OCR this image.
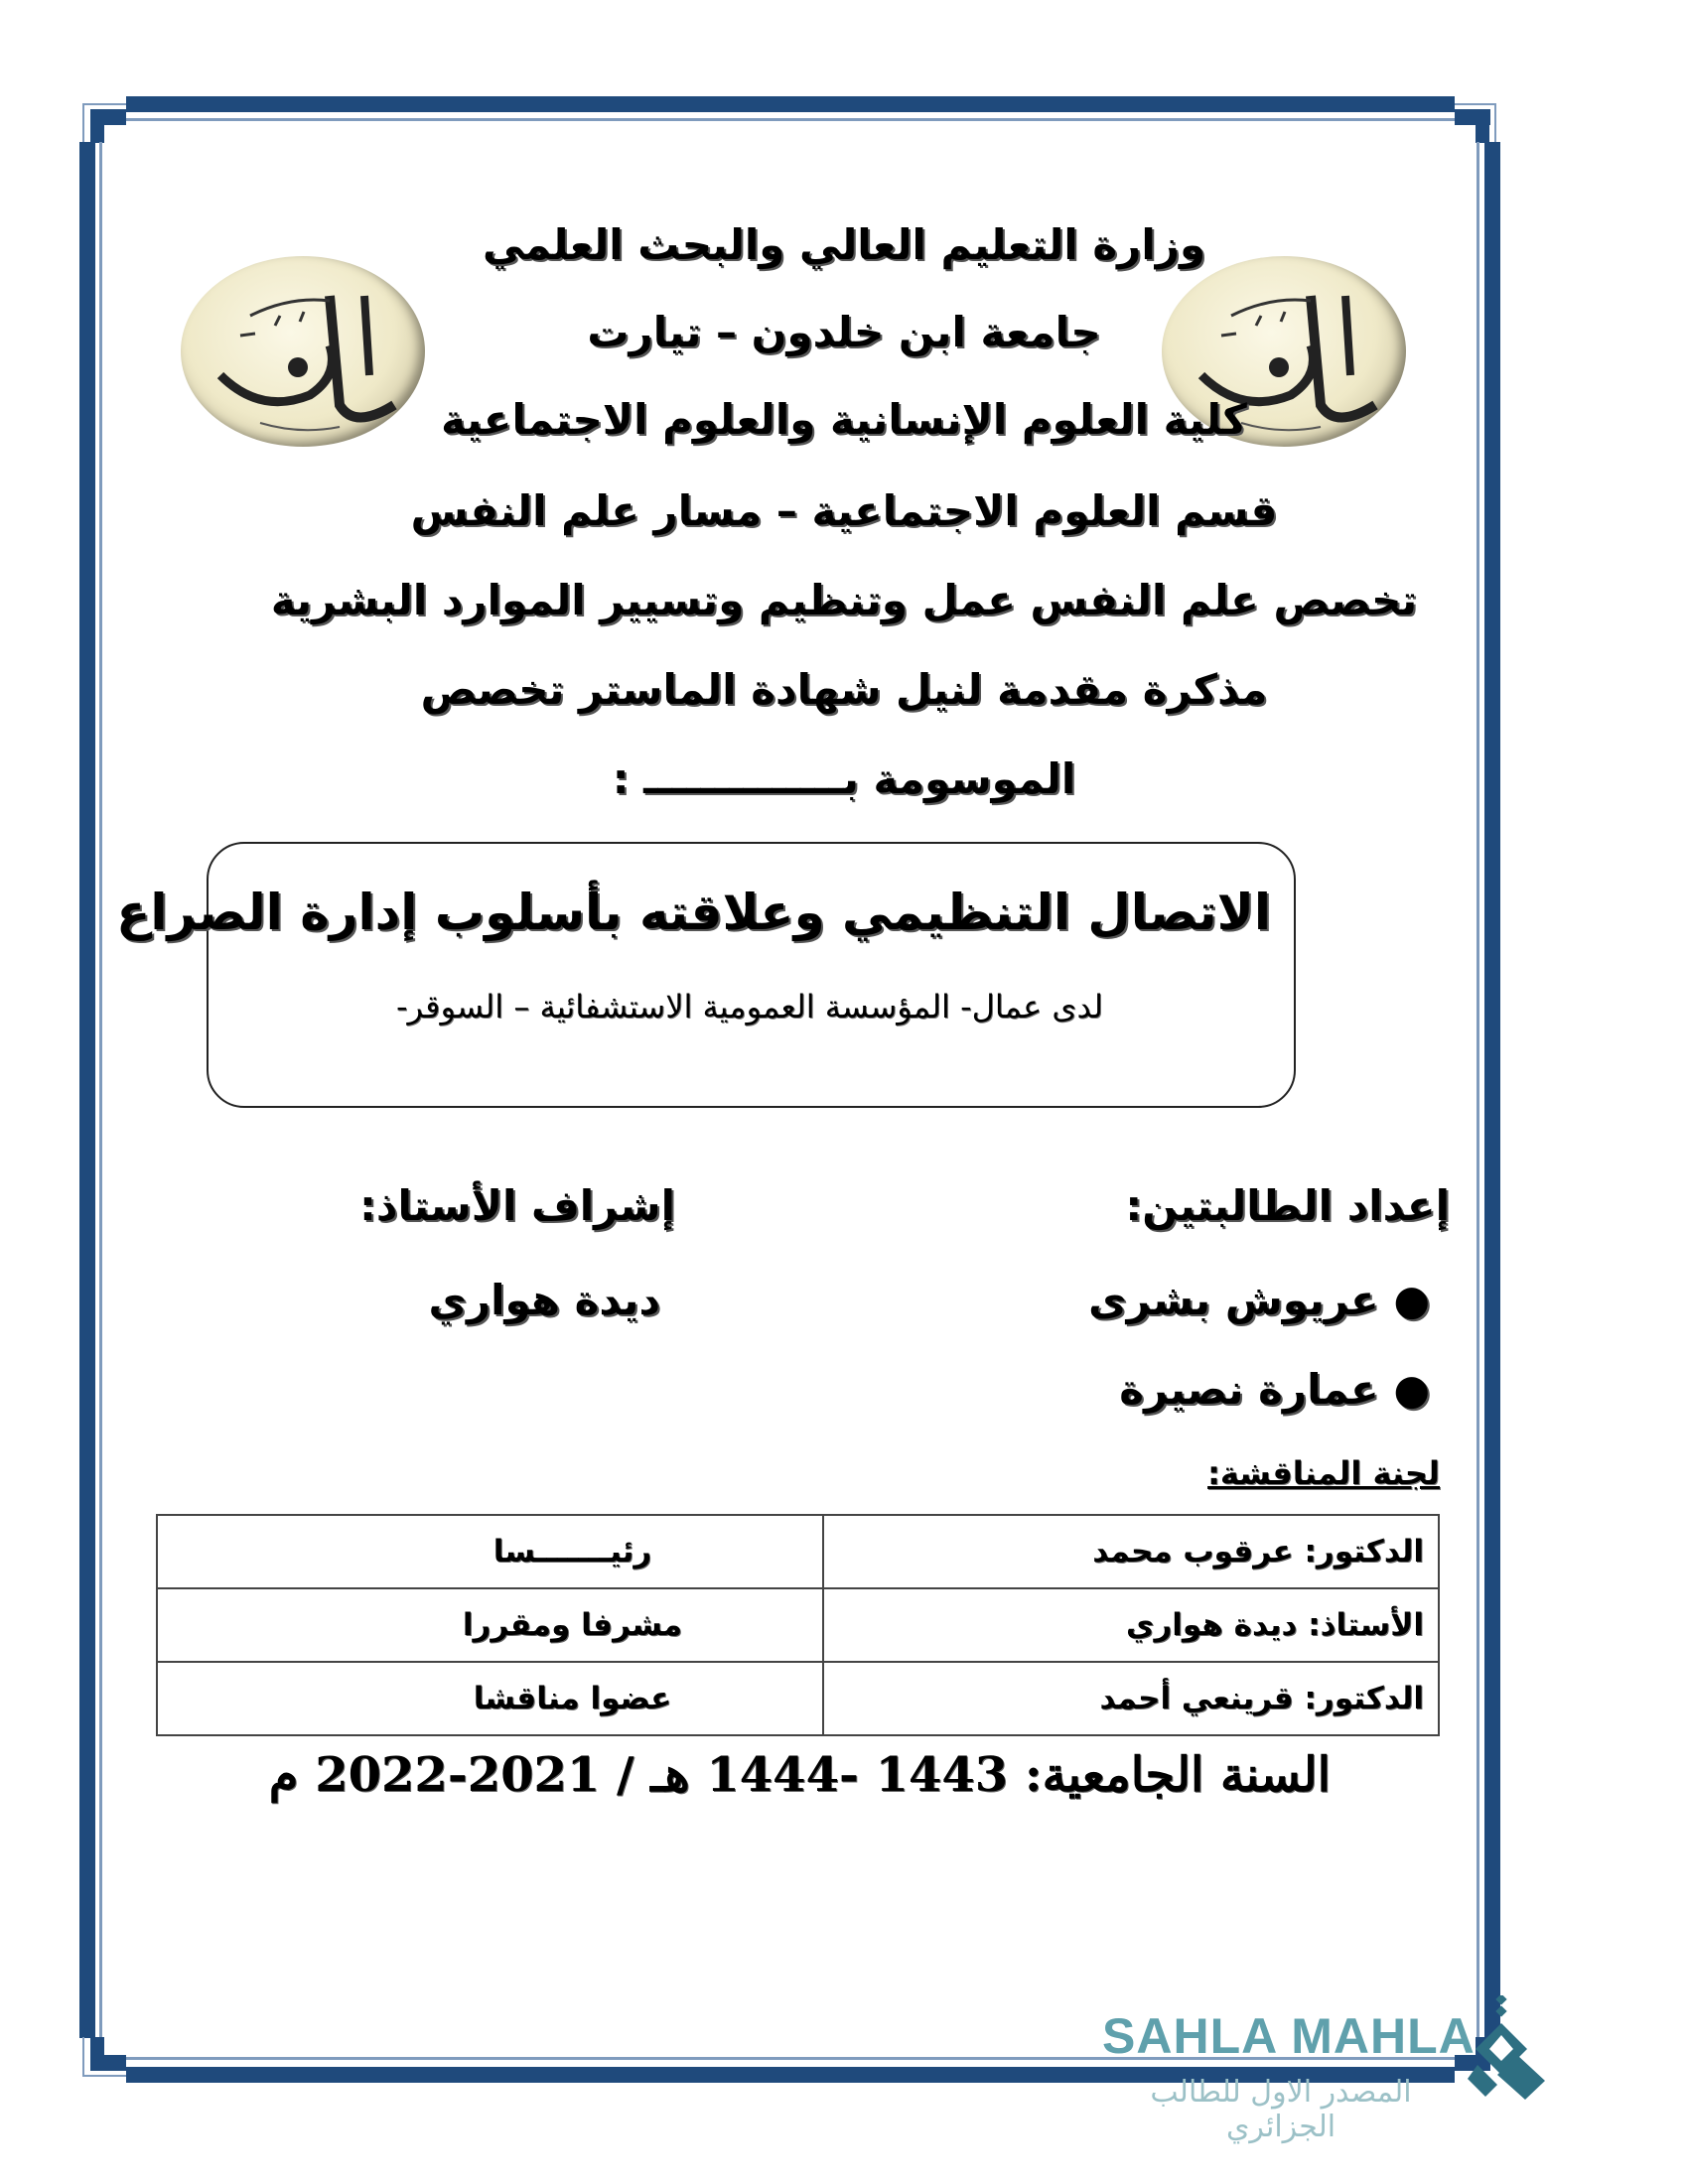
وزارة التعليم العالي والبحث العلمي
جامعة ابن خلدون – تيارت
كلية العلوم الإنسانية والعلوم الاجتماعية
قسم العلوم الاجتماعية – مسار علم النفس
تخصص علم النفس عمل وتنظيم وتسيير الموارد البشرية
مذكرة مقدمة لنيل شهادة الماستر تخصص
الموسومة بــــــــــــــ :
الاتصال التنظيمي وعلاقته بأسلوب إدارة الصراع
لدى عمال- المؤسسة العمومية الاستشفائية – السوقر-
إعداد الطالبتين:
● عريوش بشرى
● عمارة نصيرة
إشراف الأستاذ:
ديدة هواري
لجنة المناقشة:
الدكتور: عرقوب محمد	رئيـــــــسا
الأستاذ: ديدة هواري	مشرفا ومقررا
الدكتور: قرينعي أحمد	عضوا مناقشا
السنة الجامعية: 1443 -1444 هـ / 2021-2022 م
SAHLA MAHLA
المصدر الاول للطالب الجزائري
